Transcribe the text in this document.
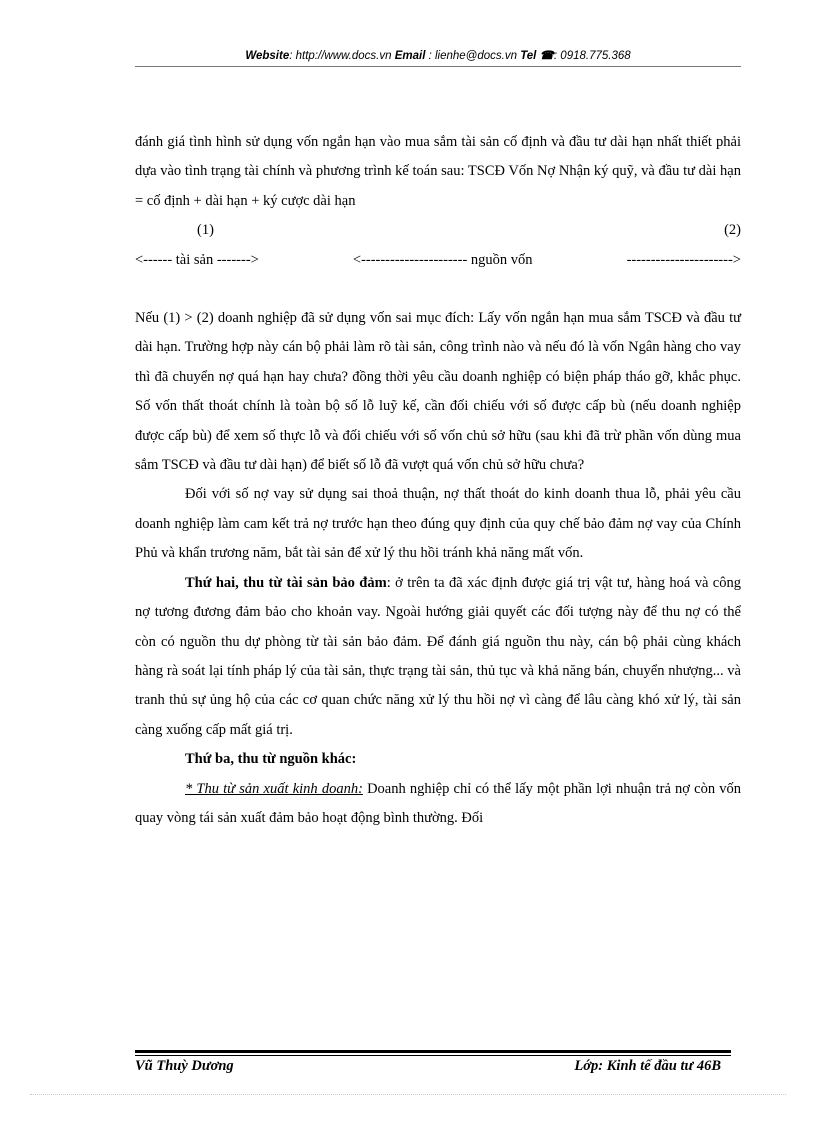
Website: http://www.docs.vn Email : lienhe@docs.vn Tel ☎: 0918.775.368

đánh giá tình hình sử dụng vốn ngắn hạn vào mua sắm tài sản cố định và đầu tư dài hạn nhất thiết phải dựa vào tình trạng tài chính và phương trình kế toán sau: TSCĐ Vốn Nợ Nhận ký quỹ, và đầu tư dài hạn = cố định + dài hạn + ký cược dài hạn

(1)	(2)
<------ tài sản ------->	<---------------------- nguồn vốn	---------------------->

Nếu (1) > (2) doanh nghiệp đã sử dụng vốn sai mục đích: Lấy vốn ngắn hạn mua sắm TSCĐ và đầu tư dài hạn. Trường hợp này cán bộ phải làm rõ tài sản, công trình nào và nếu đó là vốn Ngân hàng cho vay thì đã chuyển nợ quá hạn hay chưa? đồng thời yêu cầu doanh nghiệp có biện pháp tháo gỡ, khắc phục. Số vốn thất thoát chính là toàn bộ số lỗ luỹ kế, cần đối chiếu với số được cấp bù (nếu doanh nghiệp được cấp bù) để xem số thực lỗ và đối chiếu với số vốn chủ sở hữu (sau khi đã trừ phần vốn dùng mua sắm TSCĐ và đầu tư dài hạn) để biết số lỗ đã vượt quá vốn chủ sở hữu chưa?

Đối với số nợ vay sử dụng sai thoả thuận, nợ thất thoát do kinh doanh thua lỗ, phải yêu cầu doanh nghiệp làm cam kết trả nợ trước hạn theo đúng quy định của quy chế bảo đảm nợ vay của Chính Phủ và khẩn trương năm, bắt tài sản để xử lý thu hồi tránh khả năng mất vốn.

Thứ hai, thu từ tài sản bảo đảm: ở trên ta đã xác định được giá trị vật tư, hàng hoá và công nợ tương đương đảm bảo cho khoản vay. Ngoài hướng giải quyết các đối tượng này để thu nợ có thể còn có nguồn thu dự phòng từ tài sản bảo đảm. Để đánh giá nguồn thu này, cán bộ phải cùng khách hàng rà soát lại tính pháp lý của tài sản, thực trạng tài sản, thủ tục và khả năng bán, chuyển nhượng... và tranh thủ sự ủng hộ của các cơ quan chức năng xử lý thu hồi nợ vì càng để lâu càng khó xử lý, tài sản càng xuống cấp mất giá trị.

Thứ ba, thu từ nguồn khác:

* Thu từ sản xuất kinh doanh: Doanh nghiệp chỉ có thể lấy một phần lợi nhuận trả nợ còn vốn quay vòng tái sản xuất đảm bảo hoạt động bình thường. Đối

Vũ Thuỳ Dương	Lớp: Kinh tế đầu tư 46B
